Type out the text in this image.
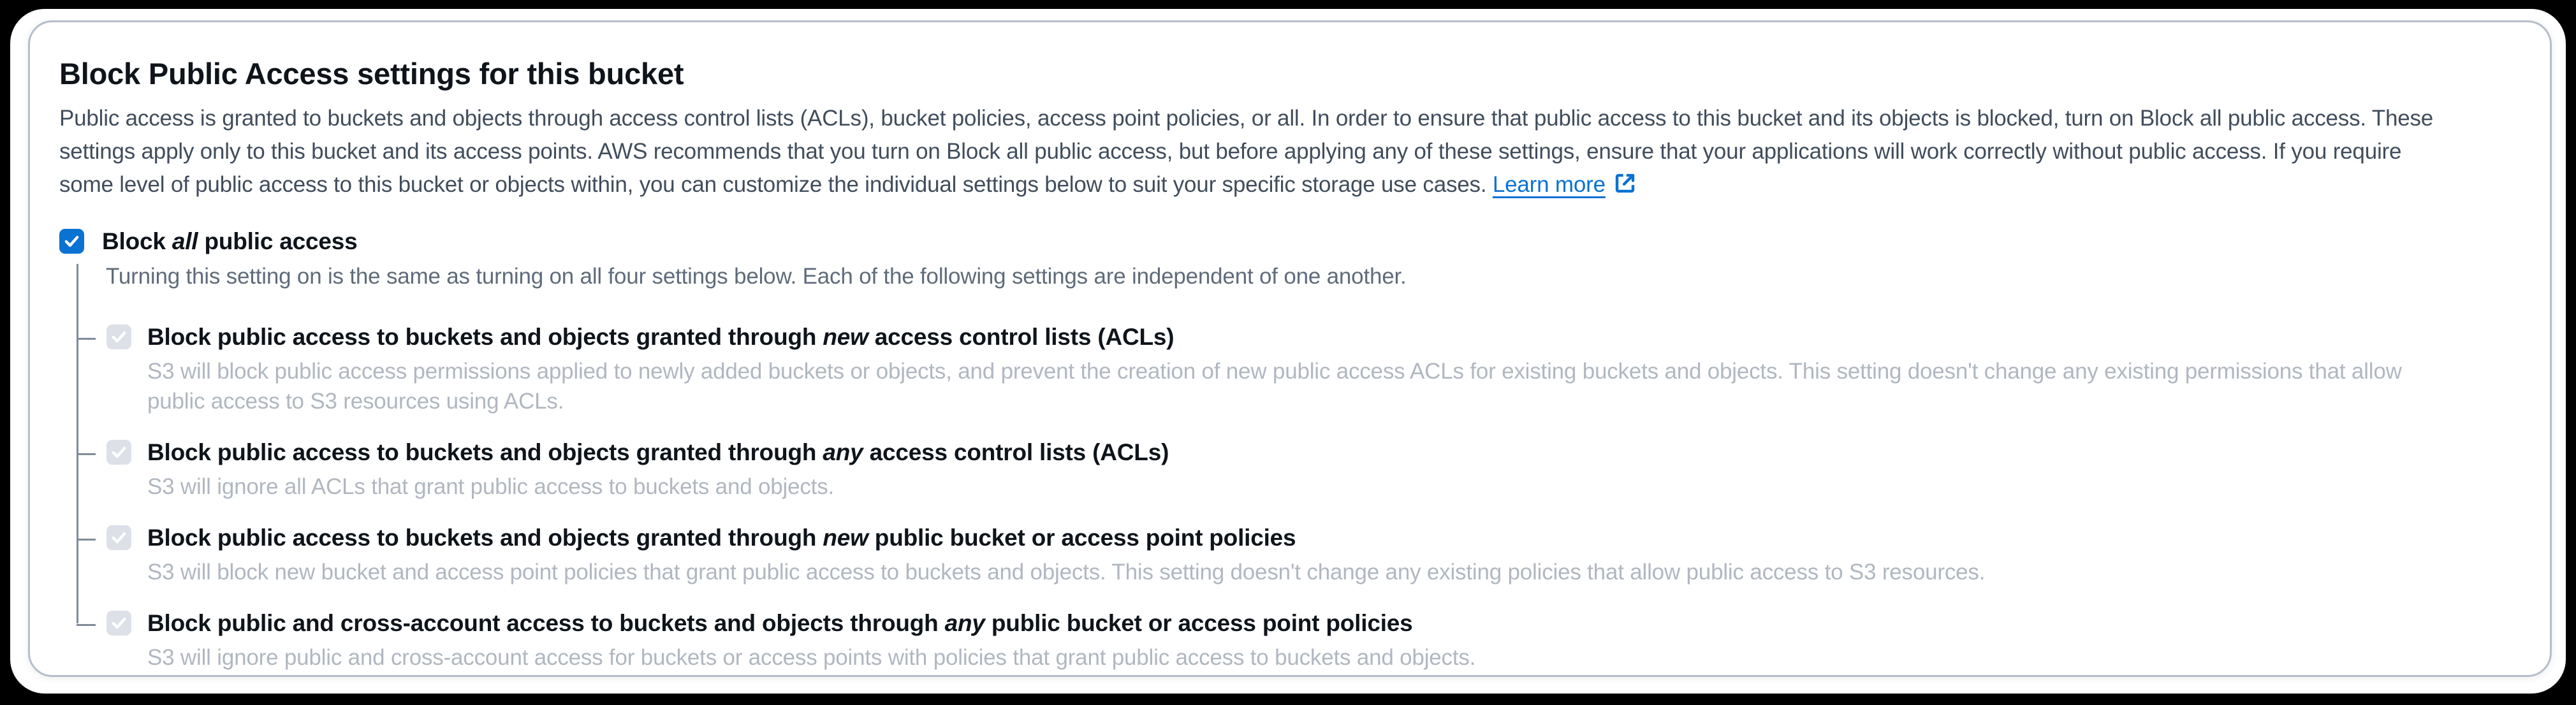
Block Public Access settings for this bucket

Public access is granted to buckets and objects through access control lists (ACLs), bucket policies, access point policies, or all. In order to ensure that public access to this bucket and its objects is blocked, turn on Block all public access. These settings apply only to this bucket and its access points. AWS recommends that you turn on Block all public access, but before applying any of these settings, ensure that your applications will work correctly without public access. If you require some level of public access to this bucket or objects within, you can customize the individual settings below to suit your specific storage use cases. Learn more

Block all public access
Turning this setting on is the same as turning on all four settings below. Each of the following settings are independent of one another.
Block public access to buckets and objects granted through new access control lists (ACLs)
S3 will block public access permissions applied to newly added buckets or objects, and prevent the creation of new public access ACLs for existing buckets and objects. This setting doesn't change any existing permissions that allow public access to S3 resources using ACLs.
Block public access to buckets and objects granted through any access control lists (ACLs)
S3 will ignore all ACLs that grant public access to buckets and objects.
Block public access to buckets and objects granted through new public bucket or access point policies
S3 will block new bucket and access point policies that grant public access to buckets and objects. This setting doesn't change any existing policies that allow public access to S3 resources.
Block public and cross-account access to buckets and objects through any public bucket or access point policies
S3 will ignore public and cross-account access for buckets or access points with policies that grant public access to buckets and objects.
